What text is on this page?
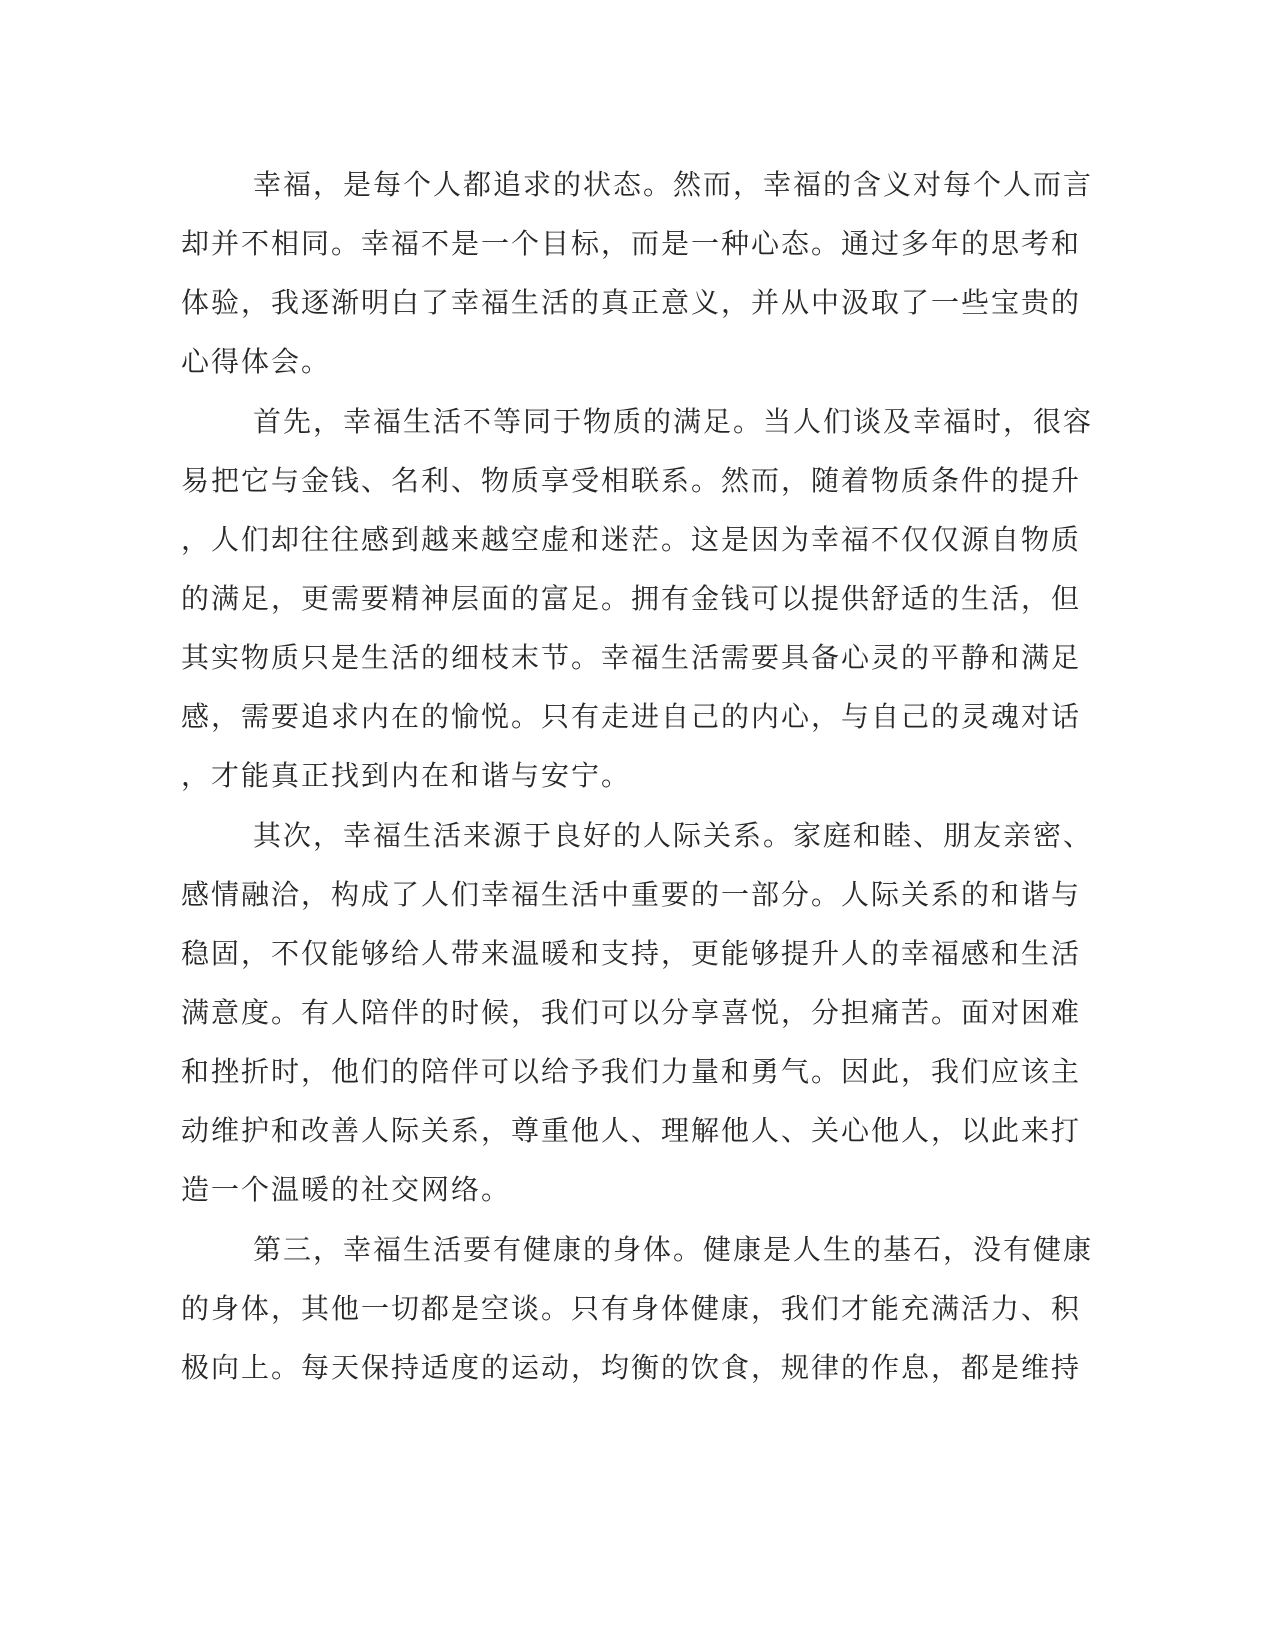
幸福，是每个人都追求的状态。然而，幸福的含义对每个人而言
却并不相同。幸福不是一个目标，而是一种心态。通过多年的思考和
体验，我逐渐明白了幸福生活的真正意义，并从中汲取了一些宝贵的
心得体会。
首先，幸福生活不等同于物质的满足。当人们谈及幸福时，很容
易把它与金钱、名利、物质享受相联系。然而，随着物质条件的提升
，人们却往往感到越来越空虚和迷茫。这是因为幸福不仅仅源自物质
的满足，更需要精神层面的富足。拥有金钱可以提供舒适的生活，但
其实物质只是生活的细枝末节。幸福生活需要具备心灵的平静和满足
感，需要追求内在的愉悦。只有走进自己的内心，与自己的灵魂对话
，才能真正找到内在和谐与安宁。
其次，幸福生活来源于良好的人际关系。家庭和睦、朋友亲密、
感情融洽，构成了人们幸福生活中重要的一部分。人际关系的和谐与
稳固，不仅能够给人带来温暖和支持，更能够提升人的幸福感和生活
满意度。有人陪伴的时候，我们可以分享喜悦，分担痛苦。面对困难
和挫折时，他们的陪伴可以给予我们力量和勇气。因此，我们应该主
动维护和改善人际关系，尊重他人、理解他人、关心他人，以此来打
造一个温暖的社交网络。
第三，幸福生活要有健康的身体。健康是人生的基石，没有健康
的身体，其他一切都是空谈。只有身体健康，我们才能充满活力、积
极向上。每天保持适度的运动，均衡的饮食，规律的作息，都是维持
